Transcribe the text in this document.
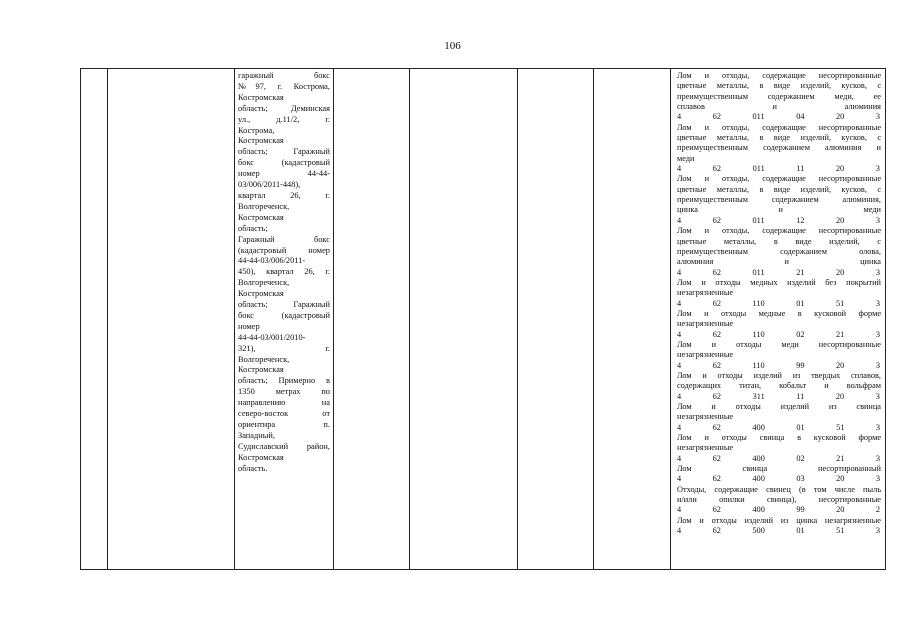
106

гаражный бокс
№97, г. Кострома,
Костромская
область; Деминская
ул., д.11/2, г.
Кострома,
Костромская
область; Гаражный
бокс (кадастровый
номер 44-44-
03/006/2011-448),
квартал 26, г.
Волгореченск,
Костромская
область;
Гаражный бокс
(кадастровый номер
44-44-03/006/2011-
450), квартал 26, г.
Волгореченск,
Костромская
область; Гаражный
бокс (кадастровый
номер
44-44-03/001/2010-
321), г.
Волгореченск,
Костромская
область; Примерно в
1350 метрах по
направлению на
северо-восток от
ориентира п.
Западный,
Судиславский район,
Костромская
область.

Лом и отходы, содержащие несортированные
цветные металлы, в виде изделий, кусков, с
преимущественным содержанием меди, ее
сплавов и алюминия
4	62	011	04	20	3
Лом и отходы, содержащие несортированные
цветные металлы, в виде изделий, кусков, с
преимущественным содержанием алюминия и
меди
4	62	011	11	20	3
Лом и отходы, содержащие несортированные
цветные металлы, в виде изделий, кусков, с
преимущественным содержанием алюминия,
цинка и меди
4	62	011	12	20	3
Лом и отходы, содержащие несортированные
цветные металлы, в виде изделий, с
преимущественным содержанием олова,
алюминия и цинка
4	62	011	21	20	3
Лом и отходы медных изделий без покрытий
незагрязненные
4	62	110	01	51	3
Лом и отходы медные в кусковой форме
незагрязненные
4	62	110	02	21	3
Лом и отходы меди несортированные
незагрязненные
4	62	110	99	20	3
Лом и отходы изделий из твердых сплавов,
содержащих титан, кобальт и вольфрам
4	62	311	11	20	3
Лом и отходы изделий из свинца
незагрязненные
4	62	400	01	51	3
Лом и отходы свинца в кусковой форме
незагрязненные
4	62	400	02	21	3
Лом свинца несортированный
4	62	400	03	20	3
Отходы, содержащие свинец (в том числе пыль
и/или опилки свинца), несортированные
4	62	400	99	20	2
Лом и отходы изделий из цинка незагрязненные
4	62	500	01	51	3
